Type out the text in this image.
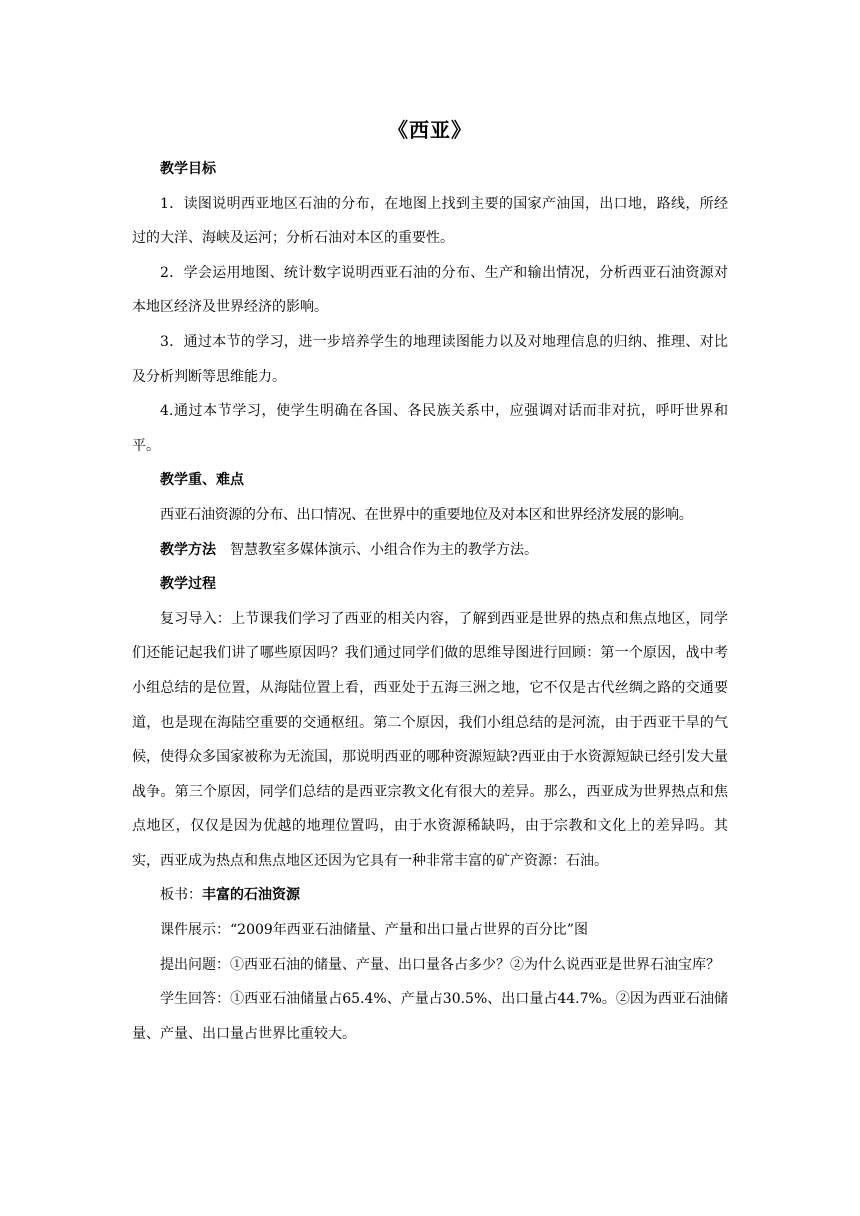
《西亚》

教学目标

1．读图说明西亚地区石油的分布，在地图上找到主要的国家产油国，出口地，路线，所经过的大洋、海峡及运河；分析石油对本区的重要性。

2．学会运用地图、统计数字说明西亚石油的分布、生产和输出情况，分析西亚石油资源对本地区经济及世界经济的影响。

3．通过本节的学习，进一步培养学生的地理读图能力以及对地理信息的归纳、推理、对比及分析判断等思维能力。

4.通过本节学习，使学生明确在各国、各民族关系中，应强调对话而非对抗，呼吁世界和平。

教学重、难点

西亚石油资源的分布、出口情况、在世界中的重要地位及对本区和世界经济发展的影响。

教学方法 智慧教室多媒体演示、小组合作为主的教学方法。

教学过程

复习导入：上节课我们学习了西亚的相关内容，了解到西亚是世界的热点和焦点地区，同学们还能记起我们讲了哪些原因吗？我们通过同学们做的思维导图进行回顾：第一个原因，战中考小组总结的是位置，从海陆位置上看，西亚处于五海三洲之地，它不仅是古代丝绸之路的交通要道，也是现在海陆空重要的交通枢纽。第二个原因，我们小组总结的是河流，由于西亚干旱的气候，使得众多国家被称为无流国，那说明西亚的哪种资源短缺?西亚由于水资源短缺已经引发大量战争。第三个原因，同学们总结的是西亚宗教文化有很大的差异。那么，西亚成为世界热点和焦点地区，仅仅是因为优越的地理位置吗，由于水资源稀缺吗，由于宗教和文化上的差异吗。其实，西亚成为热点和焦点地区还因为它具有一种非常丰富的矿产资源：石油。

板书：丰富的石油资源

课件展示：“2009年西亚石油储量、产量和出口量占世界的百分比”图

提出问题：①西亚石油的储量、产量、出口量各占多少？②为什么说西亚是世界石油宝库？

学生回答：①西亚石油储量占65.4%、产量占30.5%、出口量占44.7%。②因为西亚石油储量、产量、出口量占世界比重较大。
